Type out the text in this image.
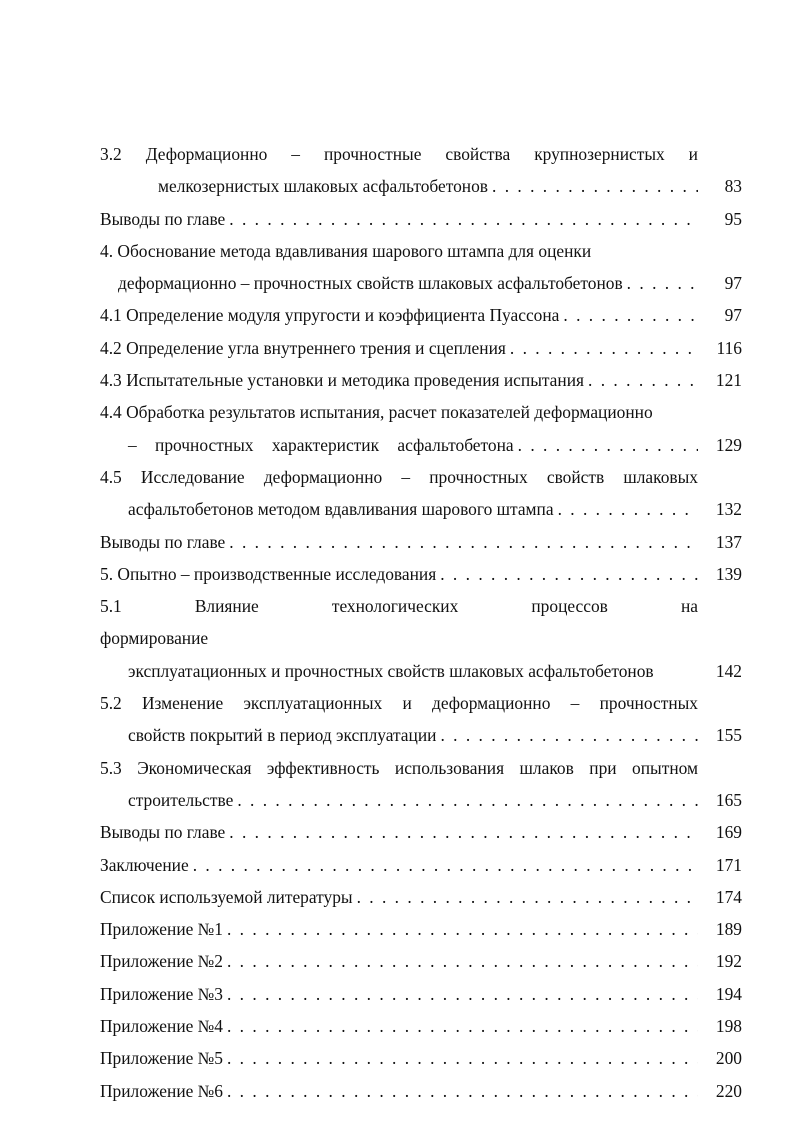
3.2 Деформационно – прочностные свойства крупнозернистых и
мелкозернистых шлаковых асфальтобетонов . . .	83
Выводы по главе . . .	95
4. Обоснование метода вдавливания шарового штампа для оценки
деформационно – прочностных свойств шлаковых асфальтобетонов . . .	97
4.1 Определение модуля упругости и коэффициента Пуассона . . .	97
4.2 Определение угла внутреннего трения и сцепления . . .	116
4.3 Испытательные установки и методика проведения испытания . . .	121
4.4 Обработка результатов испытания, расчет показателей деформационно
– прочностных характеристик асфальтобетона . . .	129
4.5 Исследование деформационно – прочностных свойств шлаковых
асфальтобетонов методом вдавливания шарового штампа . . .	132
Выводы по главе . . .	137
5. Опытно – производственные исследования . . .	139
5.1 Влияние технологических процессов на формирование
эксплуатационных и прочностных свойств шлаковых асфальтобетонов	142
5.2 Изменение эксплуатационных и деформационно – прочностных
свойств покрытий в период эксплуатации . . .	155
5.3 Экономическая эффективность использования шлаков при опытном
строительстве . . .	165
Выводы по главе . . .	169
Заключение . . .	171
Список используемой литературы . . .	174
Приложение №1 . . .	189
Приложение №2 . . .	192
Приложение №3 . . .	194
Приложение №4 . . .	198
Приложение №5 . . .	200
Приложение №6 . . .	220
